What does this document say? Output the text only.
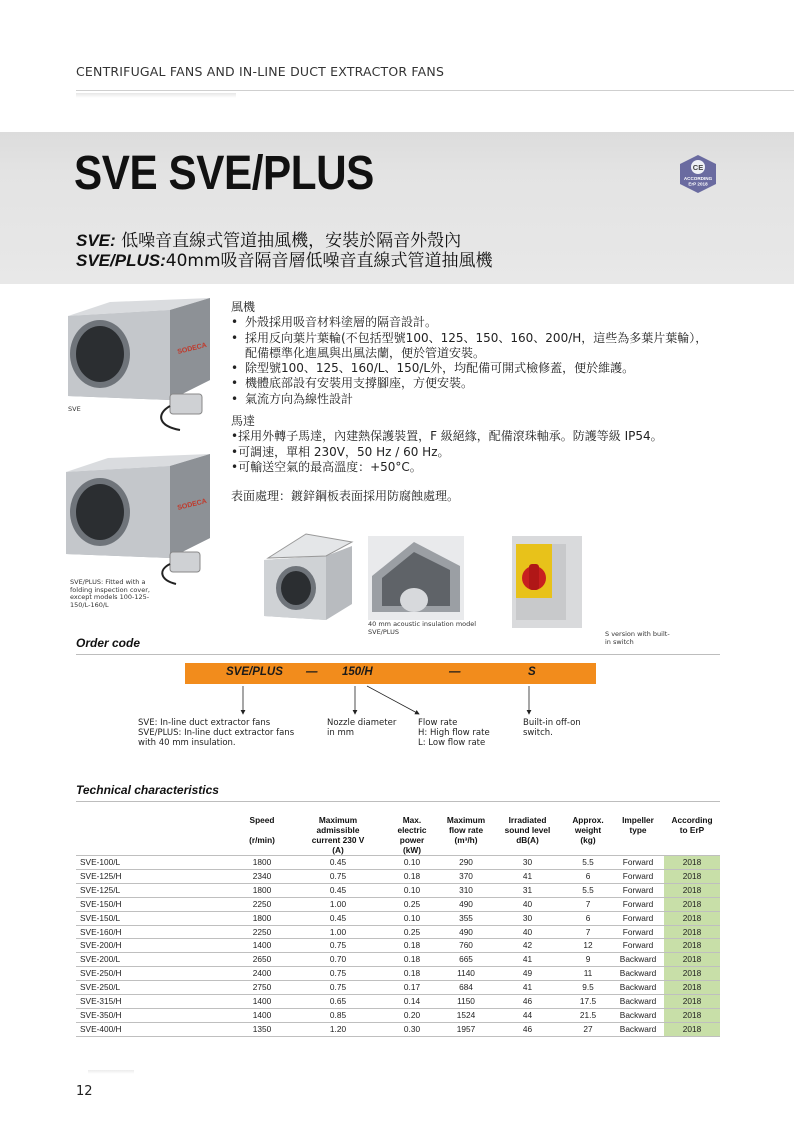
CENTRIFUGAL FANS AND IN-LINE DUCT EXTRACTOR FANS
SVE SVE/PLUS	CE
ACCORDING
ErP 2018
SVE: 低噪音直線式管道抽風機，安裝於隔音外殼內
SVE/PLUS:40mm吸音隔音層低噪音直線式管道抽風機
SODECA
SVE
SODECA
SVE/PLUS: Fitted with a folding inspection cover, except models 100-125-150/L-160/L

風機

• 外殼採用吸音材料塗層的隔音設計。
• 採用反向葉片葉輪(不包括型號100、125、150、160、200/H，這些為多葉片葉輪），配備標準化進風與出風法蘭，便於管道安裝。
• 除型號100、125、160/L、150/L外，均配備可開式檢修蓋，便於維護。
• 機體底部設有安裝用支撐腳座，方便安裝。
• 氣流方向為線性設計

馬達

•採用外轉子馬達，內建熱保護裝置，F 級絕緣，配備滾珠軸承。防護等級 IP54。

•可調速，單相 230V，50 Hz / 60 Hz。

•可輸送空氣的最高溫度：+50°C。

表面處理：鍍鋅鋼板表面採用防腐蝕處理。

40 mm acoustic insulation model SVE/PLUS	S version with built-in switch
Order code
SVE/PLUS — 150/H	—	S
SVE: In-line duct extractor fans
SVE/PLUS: In-line duct extractor fans
with 40 mm insulation.
Nozzle diameter
in mm
Flow rate
H: High flow rate
L: Low flow rate
Built-in off-on
switch.
Technical characteristics
	Speed

(r/min)	Maximum
admissible
current 230 V
(A)	Max.
electric
power
(kW)	Maximum
flow rate
(m³/h)	Irradiated
sound level
dB(A)	Approx.
weight
(kg)	Impeller
type	According
to ErP
SVE-100/L	1800	0.45	0.10	290	30	5.5	Forward	2018
SVE-125/H	2340	0.75	0.18	370	41	6	Forward	2018
SVE-125/L	1800	0.45	0.10	310	31	5.5	Forward	2018
SVE-150/H	2250	1.00	0.25	490	40	7	Forward	2018
SVE-150/L	1800	0.45	0.10	355	30	6	Forward	2018
SVE-160/H	2250	1.00	0.25	490	40	7	Forward	2018
SVE-200/H	1400	0.75	0.18	760	42	12	Forward	2018
SVE-200/L	2650	0.70	0.18	665	41	9	Backward	2018
SVE-250/H	2400	0.75	0.18	1140	49	11	Backward	2018
SVE-250/L	2750	0.75	0.17	684	41	9.5	Backward	2018
SVE-315/H	1400	0.65	0.14	1150	46	17.5	Backward	2018
SVE-350/H	1400	0.85	0.20	1524	44	21.5	Backward	2018
SVE-400/H	1350	1.20	0.30	1957	46	27	Backward	2018
12
